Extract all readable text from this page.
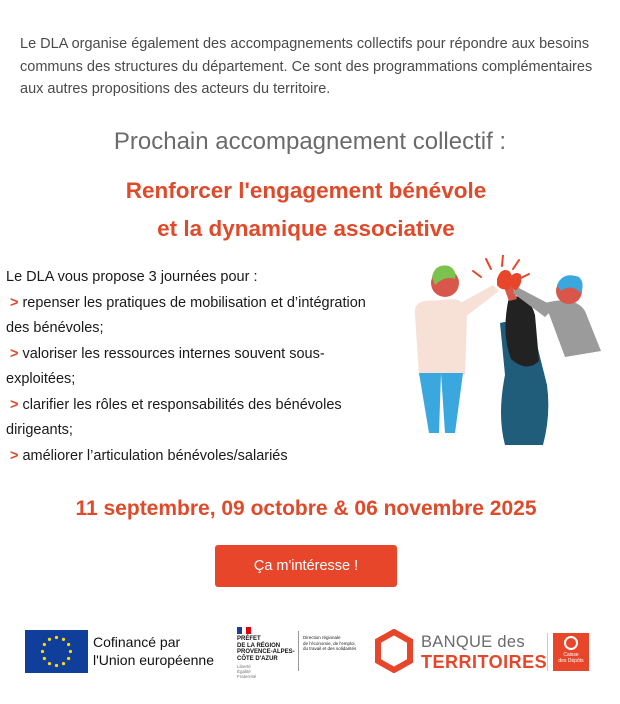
Le DLA organise également des accompagnements collectifs pour répondre aux besoins communs des structures du département. Ce sont des programmations complémentaires aux autres propositions des acteurs du territoire.
Prochain accompagnement collectif :
Renforcer l'engagement bénévole
et la dynamique associative
Le DLA vous propose 3 journées pour :
> repenser les pratiques de mobilisation et d’intégration des bénévoles;
> valoriser les ressources internes souvent sous-exploitées;
> clarifier les rôles et responsabilités des bénévoles dirigeants;
> améliorer l’articulation bénévoles/salariés
11 septembre, 09 octobre & 06 novembre 2025
Ça m'intéresse !
Cofinancé par
l'Union européenne
PRÉFET
DE LA RÉGION
PROVENCE-ALPES-
CÔTE D'AZUR
Liberté
Égalité
Fraternité
Direction régionale
de l'économie, de l'emploi,
du travail et des solidarités	BANQUE des
TERRITOIRES	Caisse
des Dépôts
